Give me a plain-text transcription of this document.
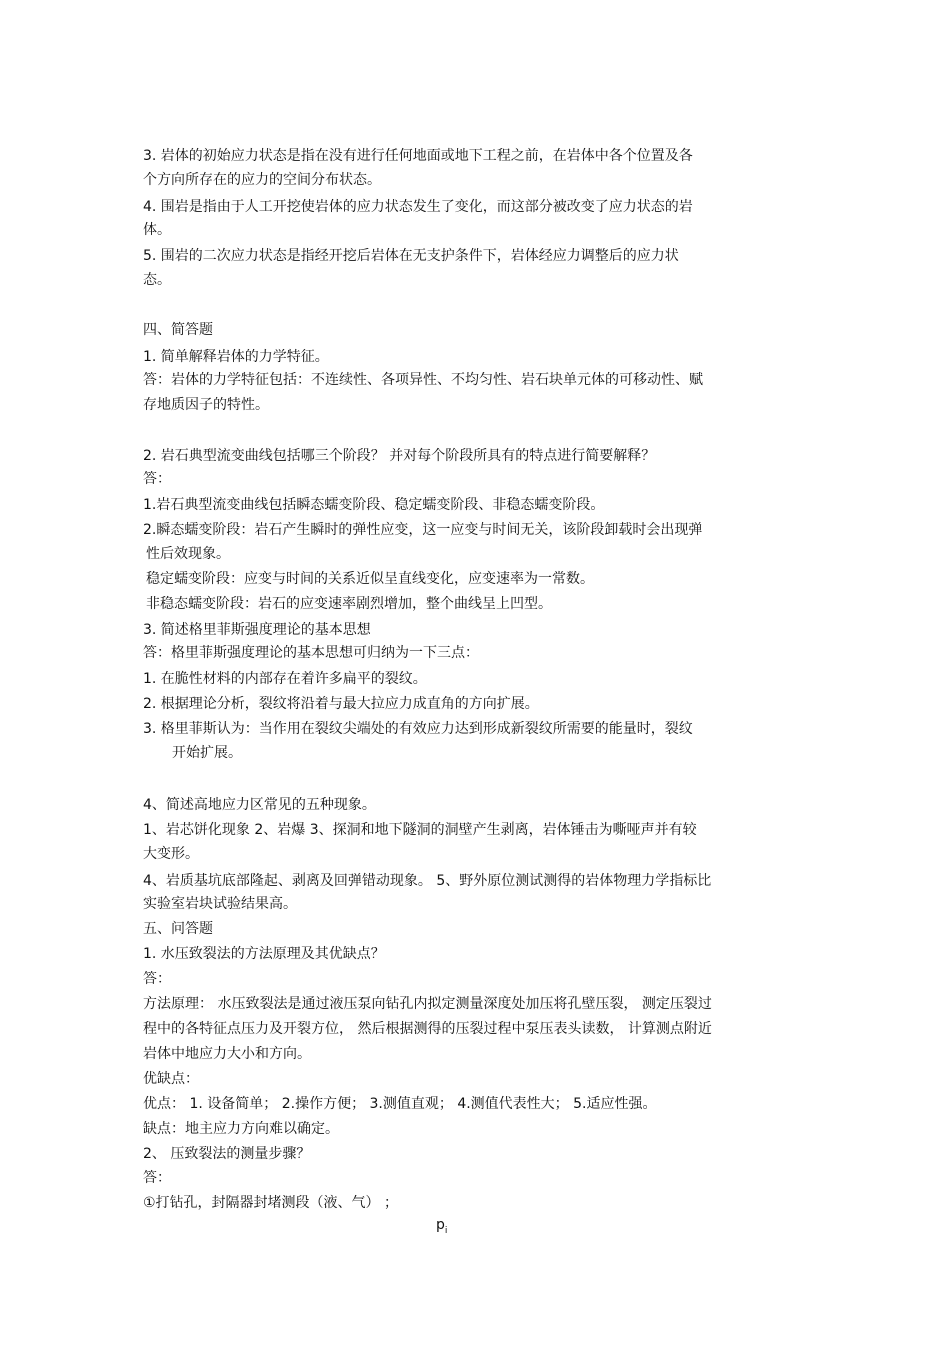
3. 岩体的初始应力状态是指在没有进行任何地面或地下工程之前，在岩体中各个位置及各

个方向所存在的应力的空间分布状态。

4. 围岩是指由于人工开挖使岩体的应力状态发生了变化，而这部分被改变了应力状态的岩

体。

5. 围岩的二次应力状态是指经开挖后岩体在无支护条件下，岩体经应力调整后的应力状

态。

四、简答题

1. 简单解释岩体的力学特征。

答：岩体的力学特征包括：不连续性、各项异性、不均匀性、岩石块单元体的可移动性、赋

存地质因子的特性。

2. 岩石典型流变曲线包括哪三个阶段？ 并对每个阶段所具有的特点进行简要解释？

答：

1.岩石典型流变曲线包括瞬态蠕变阶段、稳定蠕变阶段、非稳态蠕变阶段。

2.瞬态蠕变阶段：岩石产生瞬时的弹性应变，这一应变与时间无关，该阶段卸载时会出现弹

性后效现象。

稳定蠕变阶段：应变与时间的关系近似呈直线变化，应变速率为一常数。

非稳态蠕变阶段：岩石的应变速率剧烈增加，整个曲线呈上凹型。

3. 简述格里菲斯强度理论的基本思想

答：格里菲斯强度理论的基本思想可归纳为一下三点：

1. 在脆性材料的内部存在着许多扁平的裂纹。

2. 根据理论分析，裂纹将沿着与最大拉应力成直角的方向扩展。

3. 格里菲斯认为：当作用在裂纹尖端处的有效应力达到形成新裂纹所需要的能量时，裂纹

开始扩展。

4、简述高地应力区常见的五种现象。

1、岩芯饼化现象 2、岩爆 3、探洞和地下隧洞的洞壁产生剥离，岩体锤击为嘶哑声并有较

大变形。

4、岩质基坑底部隆起、剥离及回弹错动现象。 5、野外原位测试测得的岩体物理力学指标比

实验室岩块试验结果高。

五、问答题

1. 水压致裂法的方法原理及其优缺点？

答：

方法原理： 水压致裂法是通过液压泵向钻孔内拟定测量深度处加压将孔壁压裂， 测定压裂过

程中的各特征点压力及开裂方位， 然后根据测得的压裂过程中泵压表头读数， 计算测点附近

岩体中地应力大小和方向。

优缺点：

优点： 1. 设备简单； 2.操作方便； 3.测值直观； 4.测值代表性大； 5.适应性强。

缺点：地主应力方向难以确定。

2、 压致裂法的测量步骤？

答：

①打钻孔，封隔器封堵测段（液、气） ；

$p_i$
